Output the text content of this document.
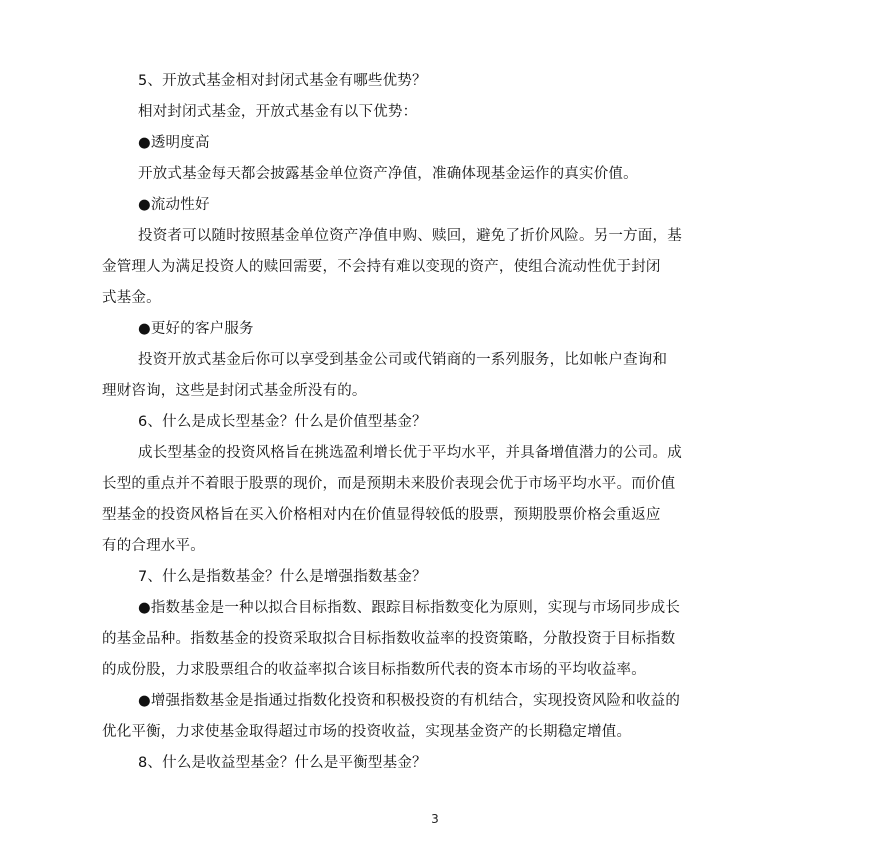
5、开放式基金相对封闭式基金有哪些优势？
相对封闭式基金，开放式基金有以下优势：
●透明度高
开放式基金每天都会披露基金单位资产净值，准确体现基金运作的真实价值。
●流动性好
投资者可以随时按照基金单位资产净值申购、赎回，避免了折价风险。另一方面，基
金管理人为满足投资人的赎回需要，不会持有难以变现的资产，使组合流动性优于封闭
式基金。
●更好的客户服务
投资开放式基金后你可以享受到基金公司或代销商的一系列服务，比如帐户查询和
理财咨询，这些是封闭式基金所没有的。
6、什么是成长型基金？什么是价值型基金？
成长型基金的投资风格旨在挑选盈利增长优于平均水平，并具备增值潜力的公司。成
长型的重点并不着眼于股票的现价，而是预期未来股价表现会优于市场平均水平。而价值
型基金的投资风格旨在买入价格相对内在价值显得较低的股票，预期股票价格会重返应
有的合理水平。
7、什么是指数基金？什么是增强指数基金？
●指数基金是一种以拟合目标指数、跟踪目标指数变化为原则，实现与市场同步成长
的基金品种。指数基金的投资采取拟合目标指数收益率的投资策略，分散投资于目标指数
的成份股，力求股票组合的收益率拟合该目标指数所代表的资本市场的平均收益率。
●增强指数基金是指通过指数化投资和积极投资的有机结合，实现投资风险和收益的
优化平衡，力求使基金取得超过市场的投资收益，实现基金资产的长期稳定增值。
8、什么是收益型基金？什么是平衡型基金？
3
